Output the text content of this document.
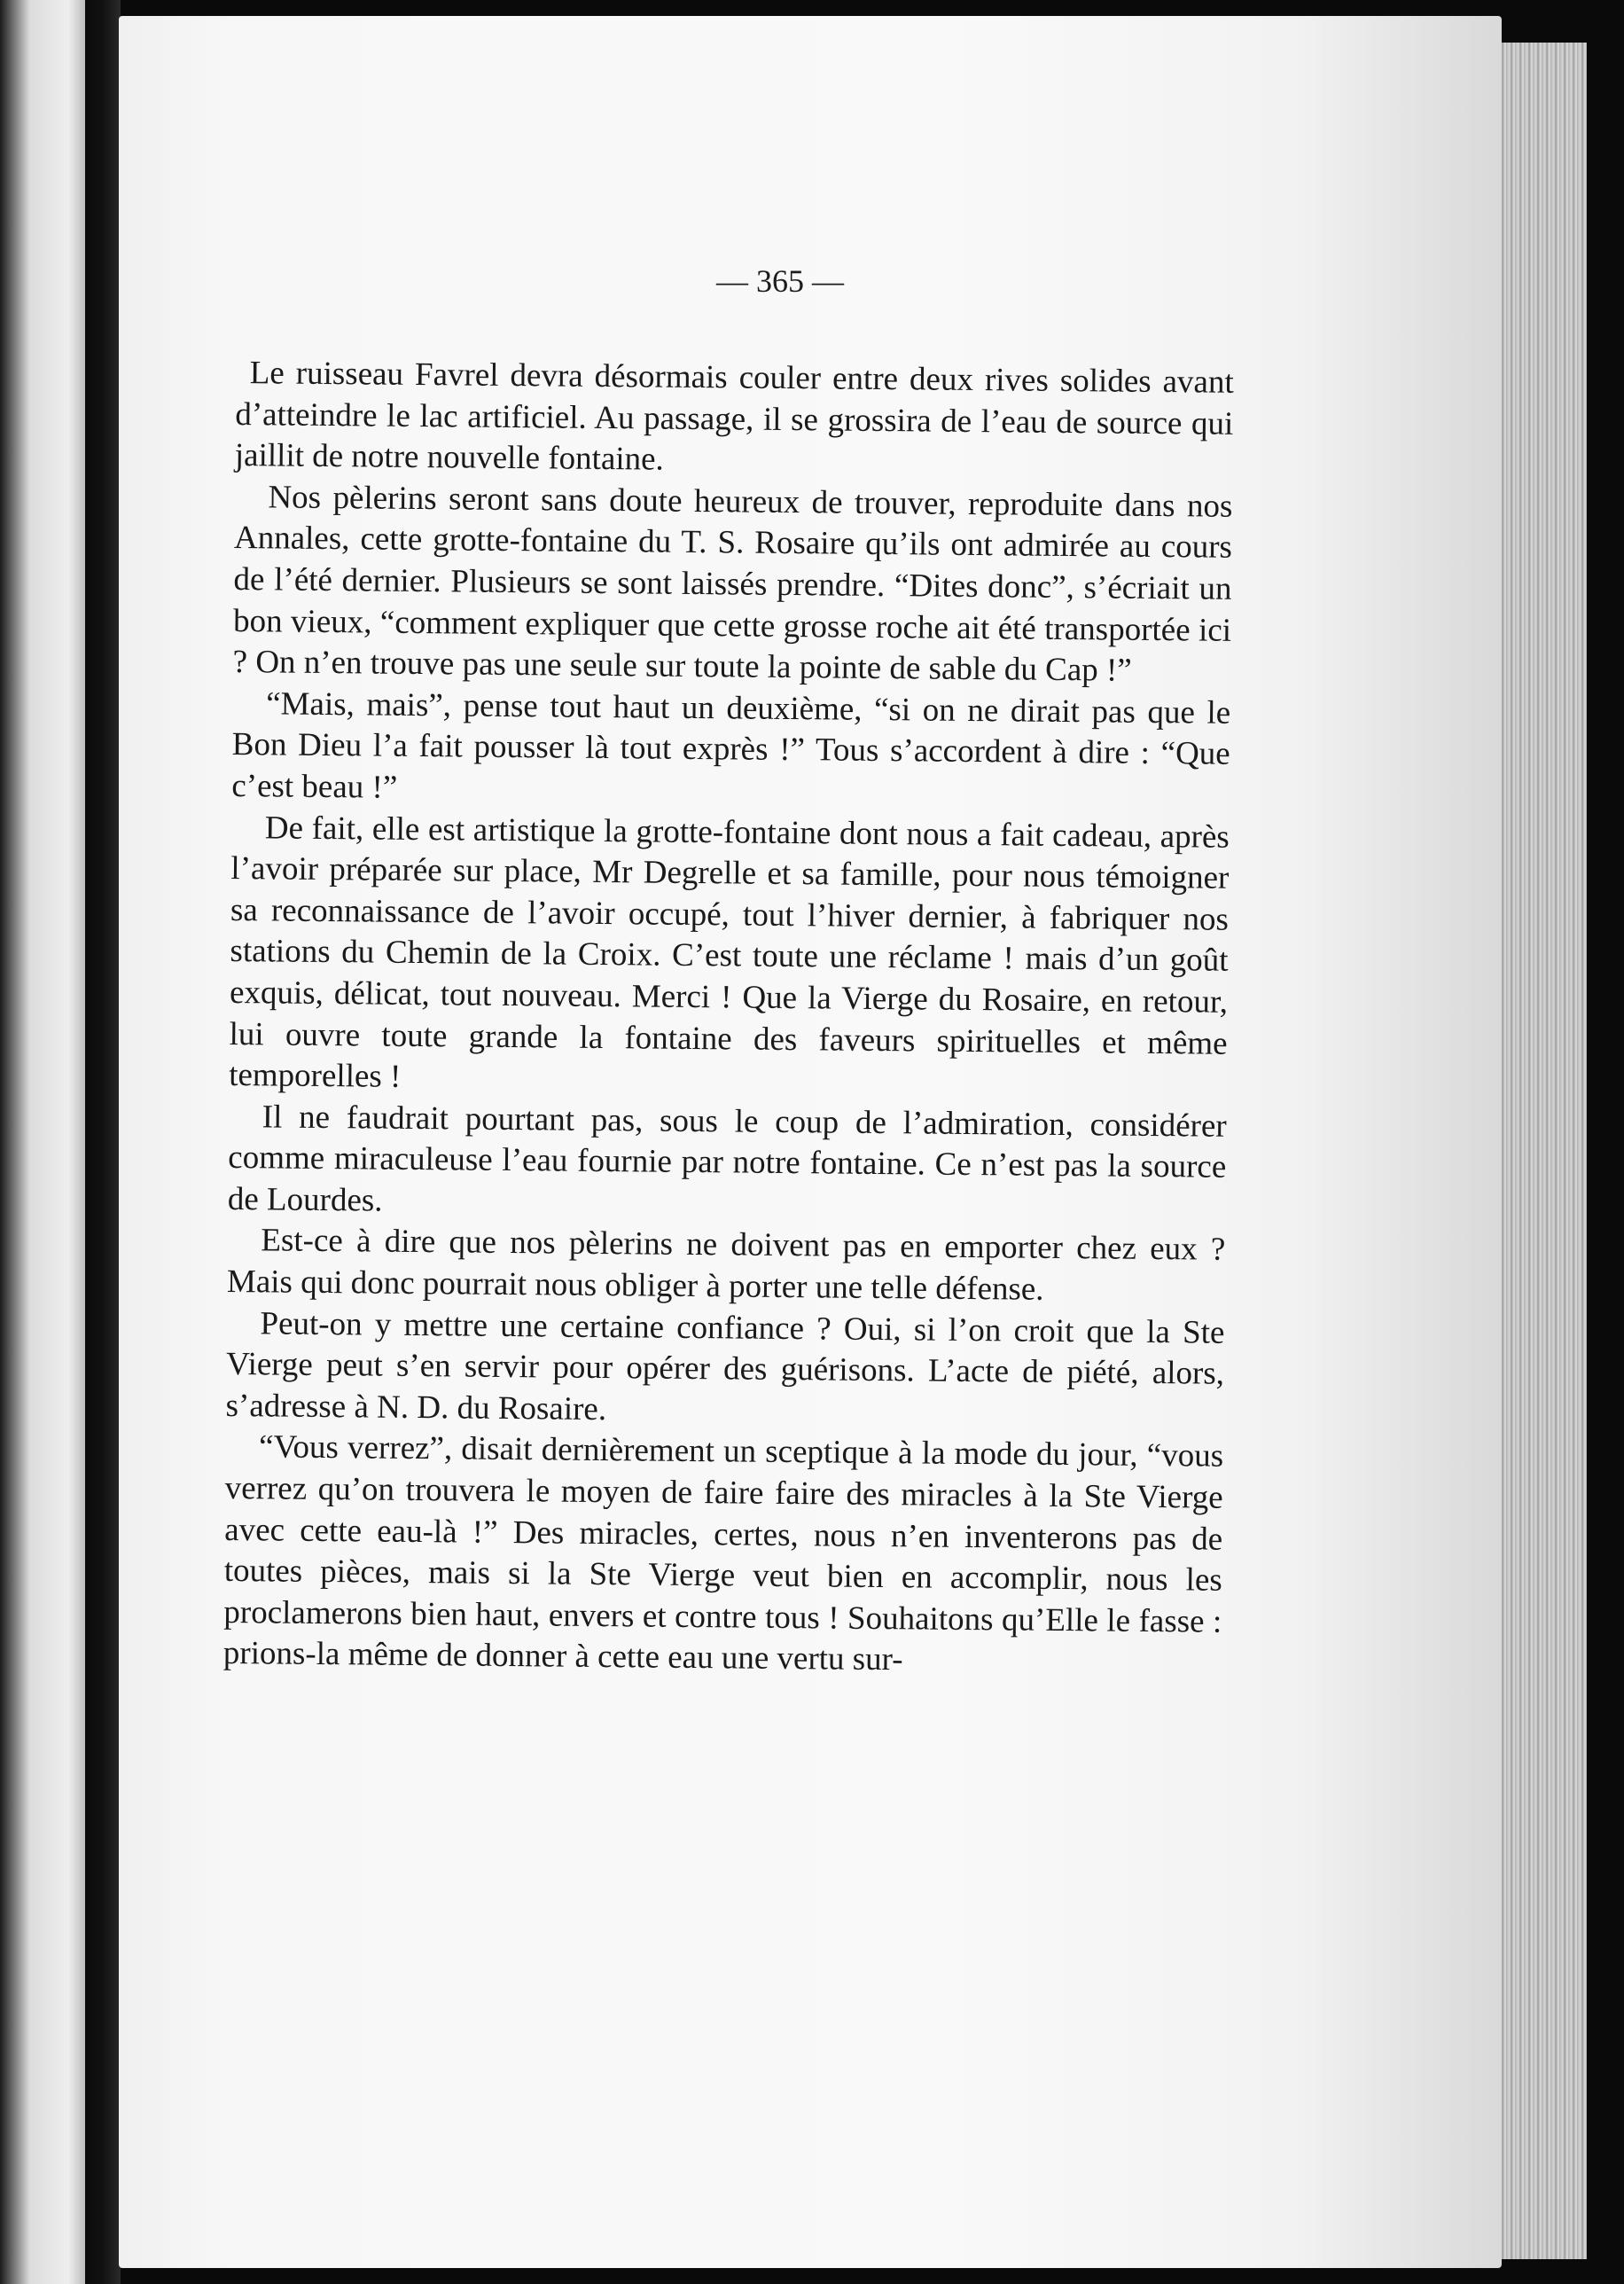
— 365 —

Le ruisseau Favrel devra désormais couler entre deux rives solides avant d’atteindre le lac artificiel. Au passage, il se grossira de l’eau de source qui jaillit de notre nouvelle fontaine.

Nos pèlerins seront sans doute heureux de trouver, reproduite dans nos Annales, cette grotte-fontaine du T. S. Rosaire qu’ils ont admirée au cours de l’été dernier. Plusieurs se sont laissés prendre. “Dites donc”, s’écriait un bon vieux, “comment expliquer que cette grosse roche ait été transportée ici ? On n’en trouve pas une seule sur toute la pointe de sable du Cap !”

“Mais, mais”, pense tout haut un deuxième, “si on ne dirait pas que le Bon Dieu l’a fait pousser là tout exprès !” Tous s’accordent à dire : “Que c’est beau !”

De fait, elle est artistique la grotte-fontaine dont nous a fait cadeau, après l’avoir préparée sur place, Mr Degrelle et sa famille, pour nous témoigner sa reconnaissance de l’avoir occupé, tout l’hiver dernier, à fabriquer nos stations du Chemin de la Croix. C’est toute une réclame ! mais d’un goût exquis, délicat, tout nouveau. Merci ! Que la Vierge du Rosaire, en retour, lui ouvre toute grande la fontaine des faveurs spirituelles et même temporelles !

Il ne faudrait pourtant pas, sous le coup de l’admiration, considérer comme miraculeuse l’eau fournie par notre fontaine. Ce n’est pas la source de Lourdes.

Est-ce à dire que nos pèlerins ne doivent pas en emporter chez eux ? Mais qui donc pourrait nous obliger à porter une telle défense.

Peut-on y mettre une certaine confiance ? Oui, si l’on croit que la Ste Vierge peut s’en servir pour opérer des guérisons. L’acte de piété, alors, s’adresse à N. D. du Rosaire.

“Vous verrez”, disait dernièrement un sceptique à la mode du jour, “vous verrez qu’on trouvera le moyen de faire faire des miracles à la Ste Vierge avec cette eau-là !” Des miracles, certes, nous n’en inventerons pas de toutes pièces, mais si la Ste Vierge veut bien en accomplir, nous les proclamerons bien haut, envers et contre tous ! Souhaitons qu’Elle le fasse : prions-la même de donner à cette eau une vertu sur-
